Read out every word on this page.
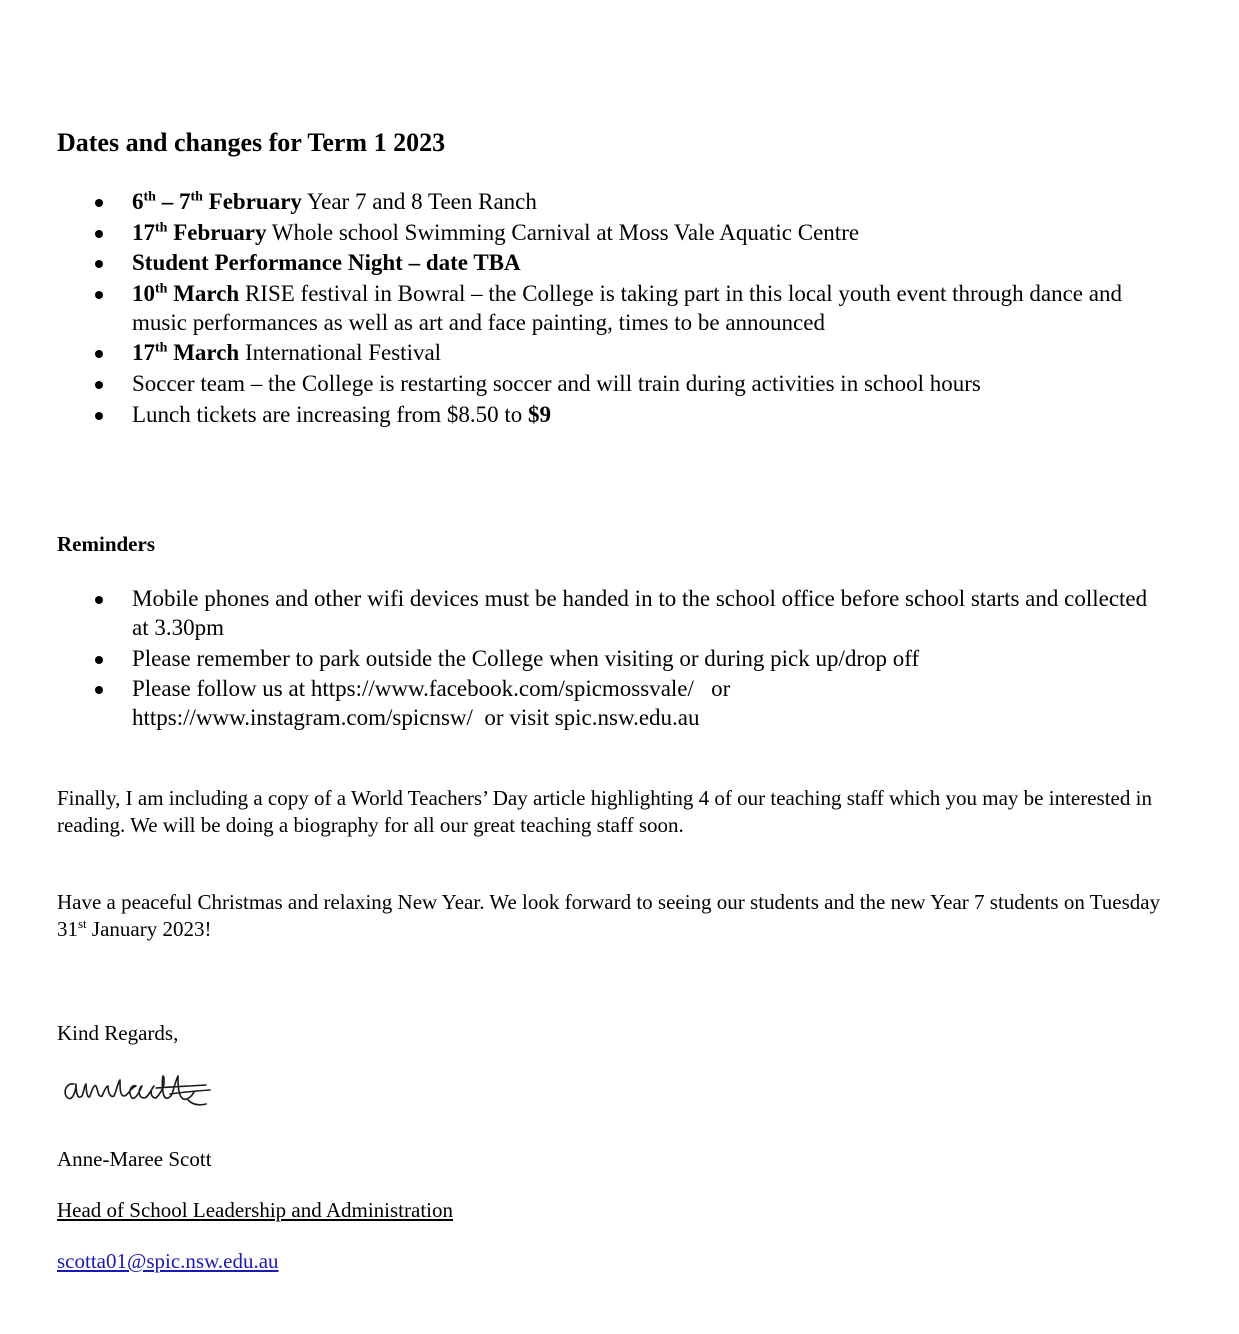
Dates and changes for Term 1 2023
6th – 7th February Year 7 and 8 Teen Ranch
17th February Whole school Swimming Carnival at Moss Vale Aquatic Centre
Student Performance Night – date TBA
10th March RISE festival in Bowral – the College is taking part in this local youth event through dance and music performances as well as art and face painting, times to be announced
17th March International Festival
Soccer team – the College is restarting soccer and will train during activities in school hours
Lunch tickets are increasing from $8.50 to $9
Reminders
Mobile phones and other wifi devices must be handed in to the school office before school starts and collected at 3.30pm
Please remember to park outside the College when visiting or during pick up/drop off
Please follow us at https://www.facebook.com/spicmossvale/   or https://www.instagram.com/spicnsw/  or visit spic.nsw.edu.au

Finally, I am including a copy of a World Teachers’ Day article highlighting 4 of our teaching staff which you may be interested in reading. We will be doing a biography for all our great teaching staff soon.

Have a peaceful Christmas and relaxing New Year. We look forward to seeing our students and the new Year 7 students on Tuesday 31st January 2023!

Kind Regards,

Anne-Maree Scott

Head of School Leadership and Administration

scotta01@spic.nsw.edu.au
